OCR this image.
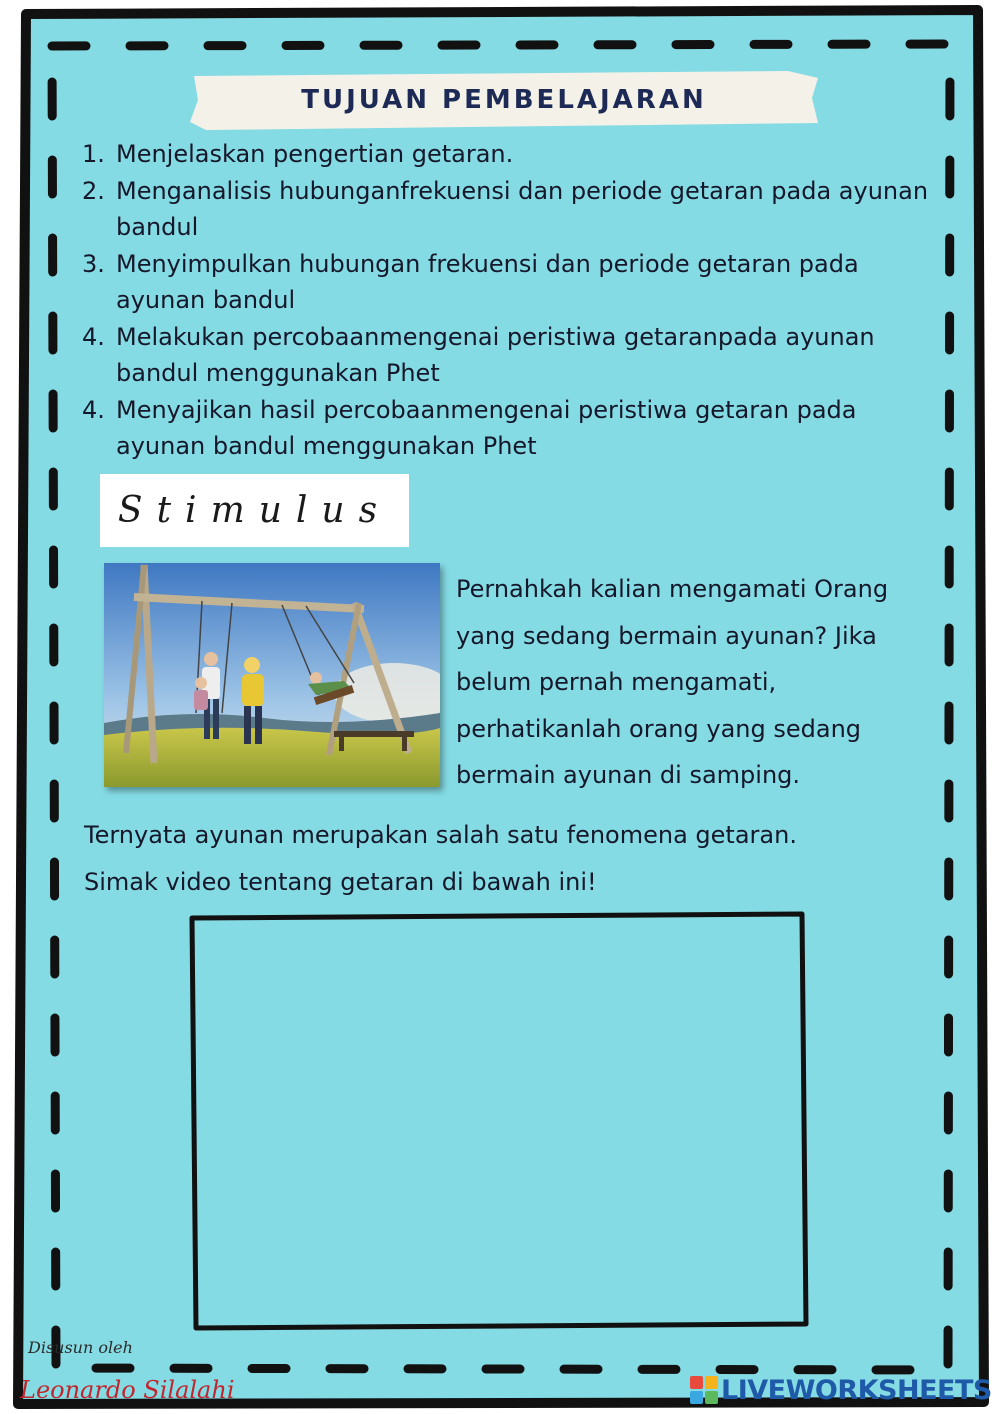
TUJUAN PEMBELAJARAN
1. Menjelaskan pengertian getaran.
2. Menganalisis hubunganfrekuensi dan periode getaran pada ayunan bandul
3. Menyimpulkan hubungan frekuensi dan periode getaran pada ayunan bandul
4. Melakukan percobaanmengenai peristiwa getaranpada ayunan bandul menggunakan Phet
4. Menyajikan hasil percobaanmengenai peristiwa getaran pada ayunan bandul menggunakan Phet
Stimulus
Pernahkah kalian mengamati Orang yang sedang bermain ayunan? Jika belum pernah mengamati, perhatikanlah orang yang sedang bermain ayunan di samping.
Ternyata ayunan merupakan salah satu fenomena getaran.
Simak video tentang getaran di bawah ini!
Disusun oleh
Leonardo Silalahi	LIVEWORKSHEETS
